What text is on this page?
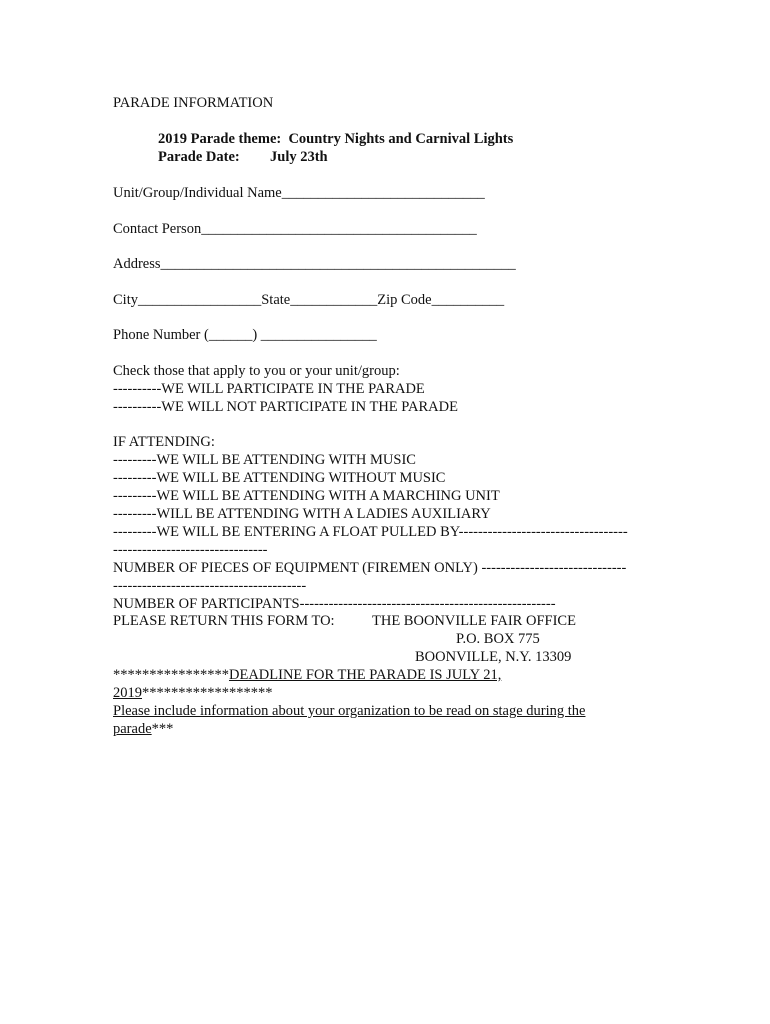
PARADE INFORMATION
2019 Parade theme:  Country Nights and Carnival Lights
Parade Date: July 23th
Unit/Group/Individual Name____________________________
Contact Person______________________________________
Address_________________________________________________
City_________________State____________Zip Code__________
Phone Number (______) ________________
Check those that apply to you or your unit/group:
----------WE WILL PARTICIPATE IN THE PARADE
----------WE WILL NOT PARTICIPATE IN THE PARADE
IF ATTENDING:
---------WE WILL BE ATTENDING WITH MUSIC
---------WE WILL BE ATTENDING WITHOUT MUSIC
---------WE WILL BE ATTENDING WITH A MARCHING UNIT
---------WILL BE ATTENDING WITH A LADIES AUXILIARY
---------WE WILL BE ENTERING A FLOAT PULLED BY-----------------------------------
--------------------------------
NUMBER OF PIECES OF EQUIPMENT (FIREMEN ONLY) ------------------------------
----------------------------------------
NUMBER OF PARTICIPANTS-----------------------------------------------------
PLEASE RETURN THIS FORM TO:	THE BOONVILLE FAIR OFFICE
P.O. BOX 775
BOONVILLE, N.Y. 13309
****************DEADLINE FOR THE PARADE IS JULY 21,
2019******************
Please include information about your organization to be read on stage during the
parade***
